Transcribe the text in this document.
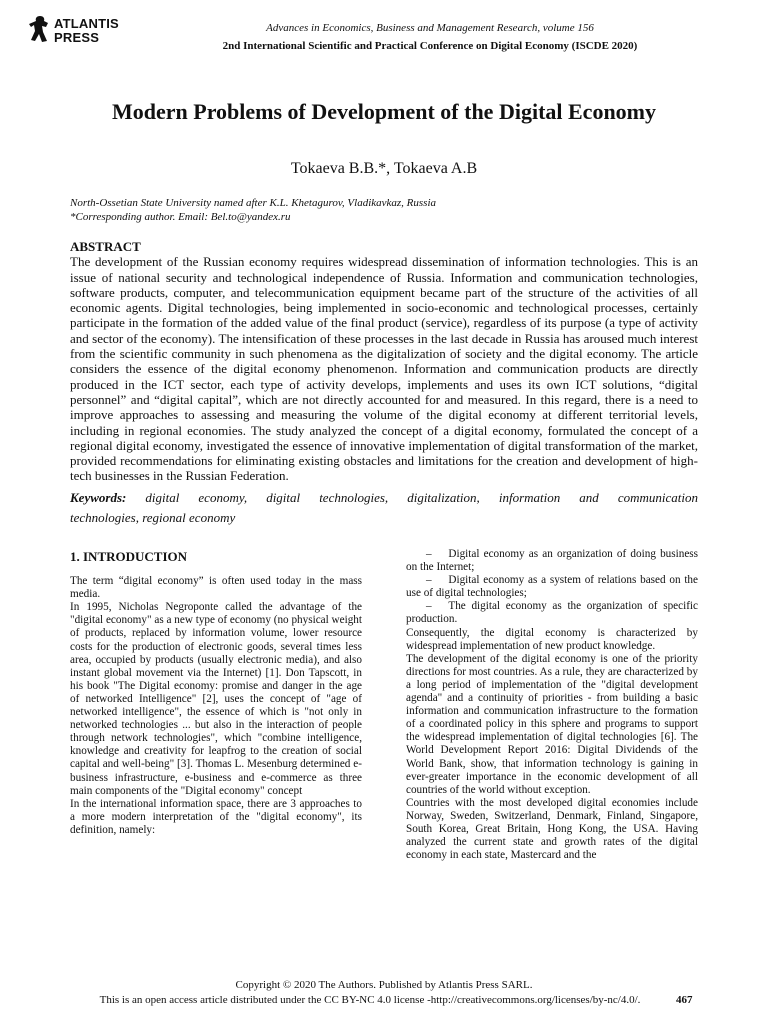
ATLANTIS
PRESS
Advances in Economics, Business and Management Research, volume 156
2nd International Scientific and Practical Conference on Digital Economy (ISCDE 2020)
Modern Problems of Development of the Digital Economy
Tokaeva B.B.*, Tokaeva A.B
North-Ossetian State University named after K.L. Khetagurov, Vladikavkaz, Russia
*Corresponding author. Email: Bel.to@yandex.ru

ABSTRACT

The development of the Russian economy requires widespread dissemination of information technologies. This is an issue of national security and technological independence of Russia. Information and communication technologies, software products, computer, and telecommunication equipment became part of the structure of the activities of all economic agents. Digital technologies, being implemented in socio-economic and technological processes, certainly participate in the formation of the added value of the final product (service), regardless of its purpose (a type of activity and sector of the economy). The intensification of these processes in the last decade in Russia has aroused much interest from the scientific community in such phenomena as the digitalization of society and the digital economy. The article considers the essence of the digital economy phenomenon. Information and communication products are directly produced in the ICT sector, each type of activity develops, implements and uses its own ICT solutions, “digital personnel” and “digital capital”, which are not directly accounted for and measured. In this regard, there is a need to improve approaches to assessing and measuring the volume of the digital economy at different territorial levels, including in regional economies. The study analyzed the concept of a digital economy, formulated the concept of a regional digital economy, investigated the essence of innovative implementation of digital transformation of the market, provided recommendations for eliminating existing obstacles and limitations for the creation and development of high-tech businesses in the Russian Federation.

Keywords: digital economy, digital technologies, digitalization, information and communication

technologies, regional economy

1. INTRODUCTION

The term “digital economy” is often used today in the mass media.

In 1995, Nicholas Negroponte called the advantage of the "digital economy" as a new type of economy (no physical weight of products, replaced by information volume, lower resource costs for the production of electronic goods, several times less area, occupied by products (usually electronic media), and also instant global movement via the Internet) [1]. Don Tapscott, in his book "The Digital economy: promise and danger in the age of networked Intelligence" [2], uses the concept of "age of networked intelligence", the essence of which is "not only in networked technologies ... but also in the interaction of people through network technologies", which "combine intelligence, knowledge and creativity for leapfrog to the creation of social capital and well-being" [3]. Thomas L. Mesenburg determined e-business infrastructure, e-business and e-commerce as three main components of the "Digital economy" concept

In the international information space, there are 3 approaches to a more modern interpretation of the "digital economy", its definition, namely:

–  Digital economy as an organization of doing business on the Internet;

–  Digital economy as a system of relations based on the use of digital technologies;

–  The digital economy as the organization of specific production.

Consequently, the digital economy is characterized by widespread implementation of new product knowledge.

The development of the digital economy is one of the priority directions for most countries. As a rule, they are characterized by a long period of implementation of the "digital development agenda" and a continuity of priorities - from building a basic information and communication infrastructure to the formation of a coordinated policy in this sphere and programs to support the widespread implementation of digital technologies [6]. The World Development Report 2016: Digital Dividends of the World Bank, show, that information technology is gaining in ever-greater importance in the economic development of all countries of the world without exception.

Countries with the most developed digital economies include Norway, Sweden, Switzerland, Denmark, Finland, Singapore, South Korea, Great Britain, Hong Kong, the USA. Having analyzed the current state and growth rates of the digital economy in each state, Mastercard and the

Copyright © 2020 The Authors. Published by Atlantis Press SARL.
This is an open access article distributed under the CC BY-NC 4.0 license -http://creativecommons.org/licenses/by-nc/4.0/.	467
